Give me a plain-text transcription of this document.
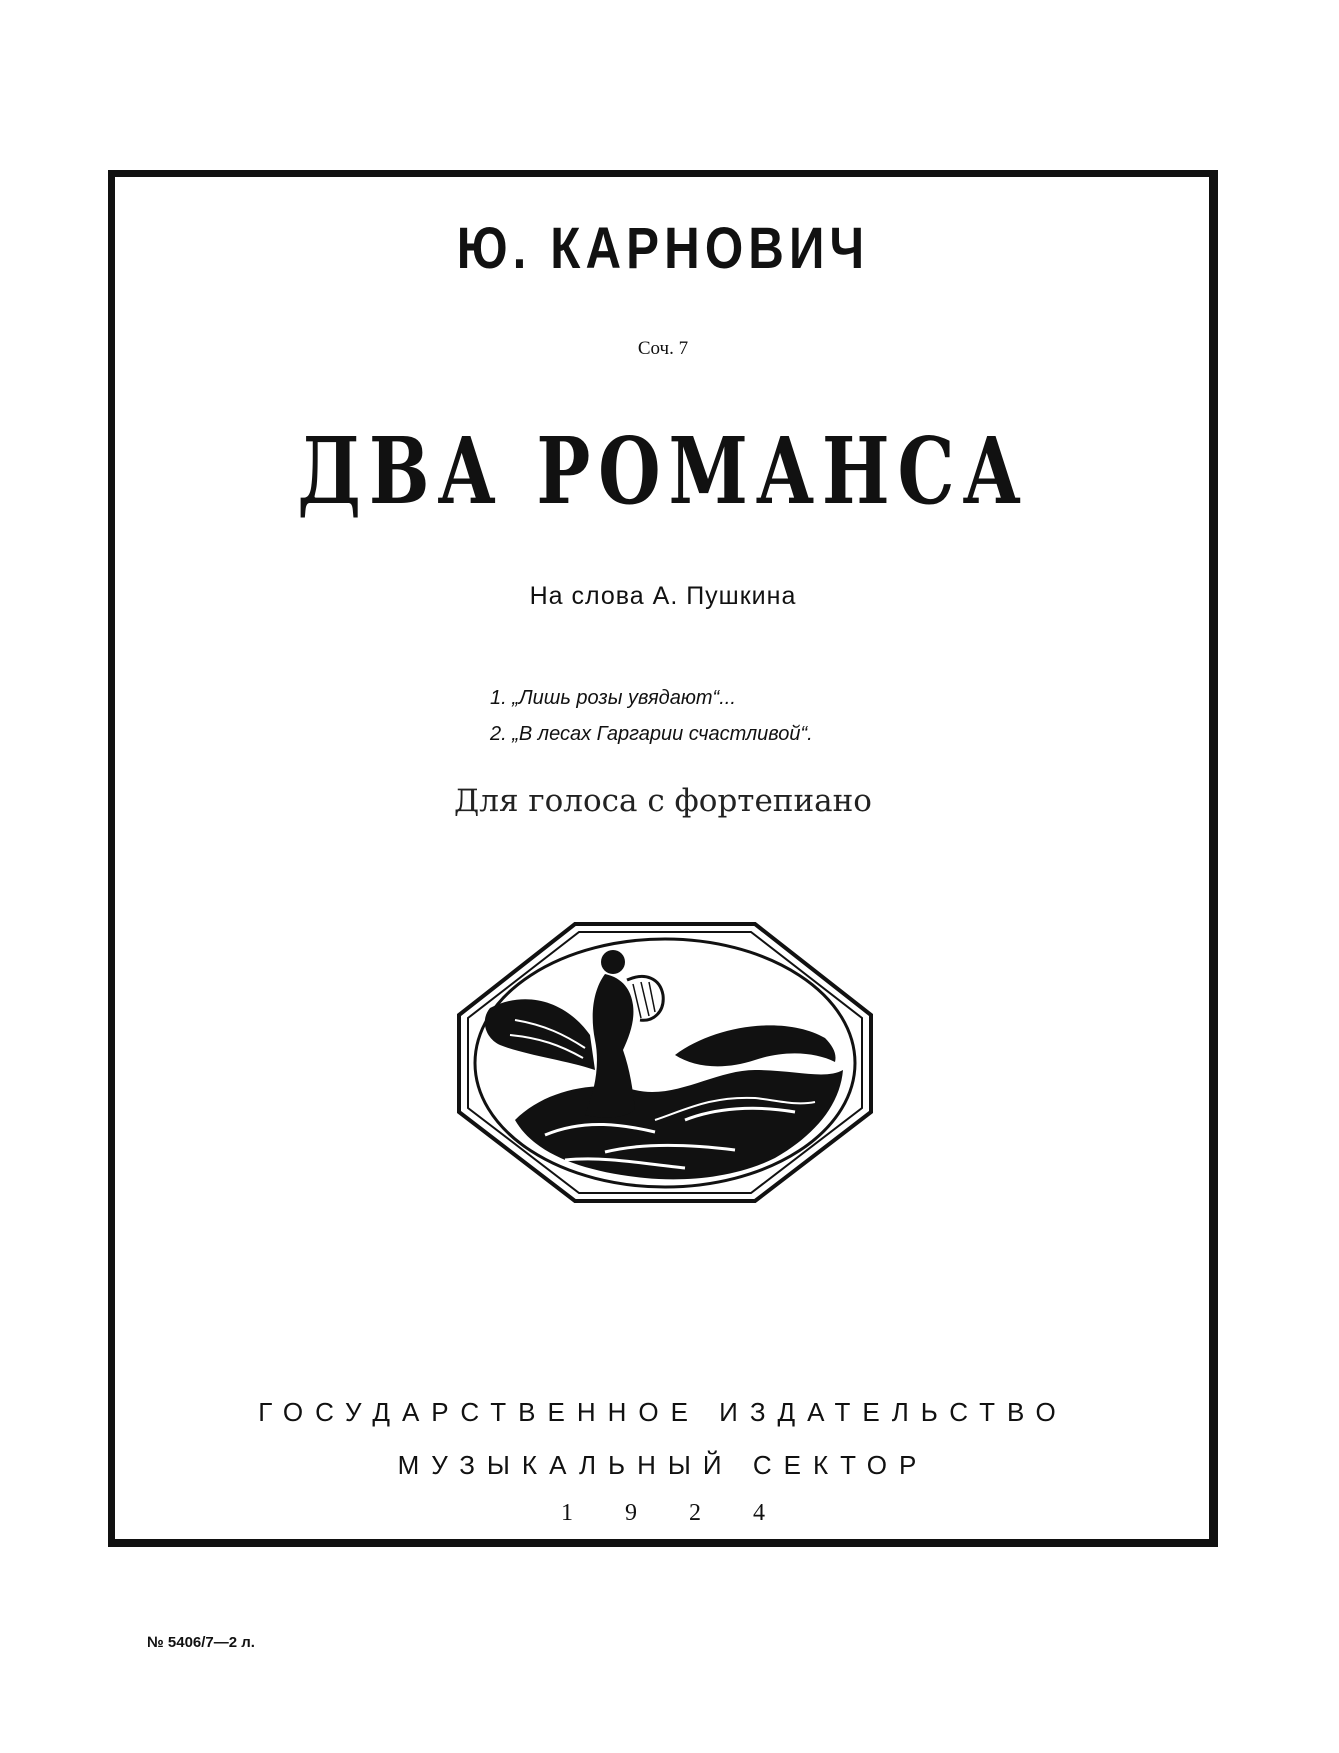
Ю. КАРНОВИЧ
Соч. 7
ДВА РОМАНСА
На слова А. Пушкина
1. „Лишь розы увядают“...
2. „В лесах Гаргарии счастливой“.
Для голоса с фортепиано
ГОСУДАРСТВЕННОЕ ИЗДАТЕЛЬСТВО
МУЗЫКАЛЬНЫЙ СЕКТОР
1924
№ 5406/7—2 л.
